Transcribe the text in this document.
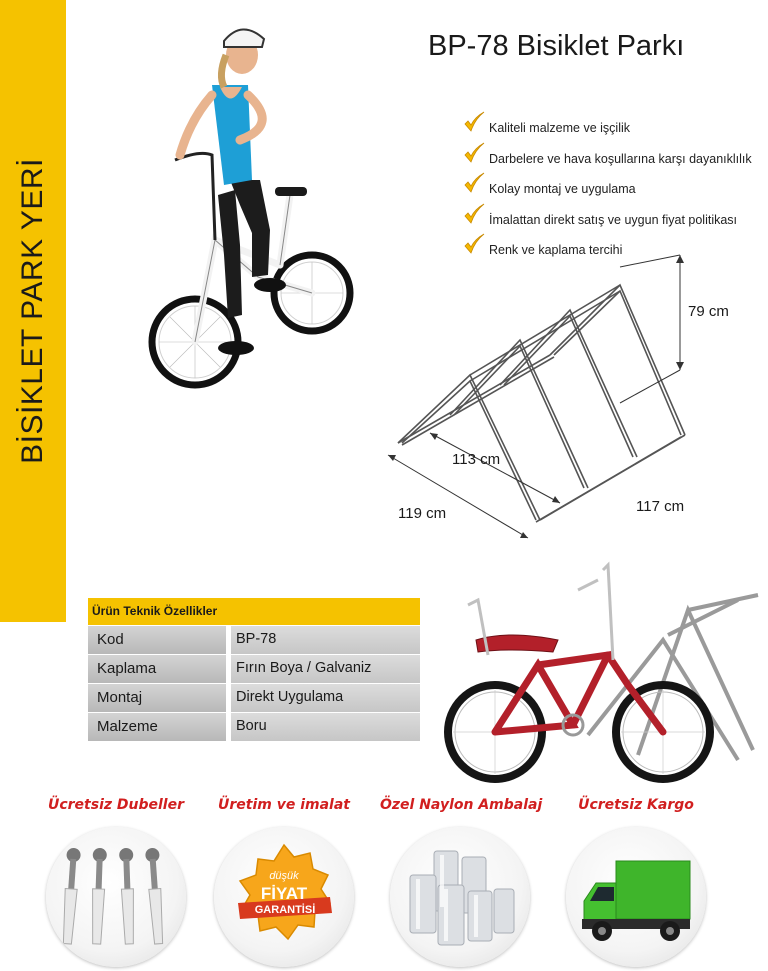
BİSİKLET PARK YERİ
BP-78 Bisiklet Parkı
Kaliteli malzeme ve işçilik
Darbelere ve hava koşullarına karşı dayanıklılık
Kolay montaj ve uygulama
İmalattan direkt satış ve uygun fiyat politikası
Renk ve kaplama tercihi
79 cm
113 cm
119 cm	117 cm
Ürün Teknik Özellikler
Kod	BP-78
Kaplama	Fırın Boya / Galvaniz
Montaj	Direkt Uygulama
Malzeme	Boru
Ücretsiz Dubeller	Üretim ve imalat	Özel Naylon Ambalaj	Ücretsiz Kargo
düşük
FİYAT
GARANTİSİ
